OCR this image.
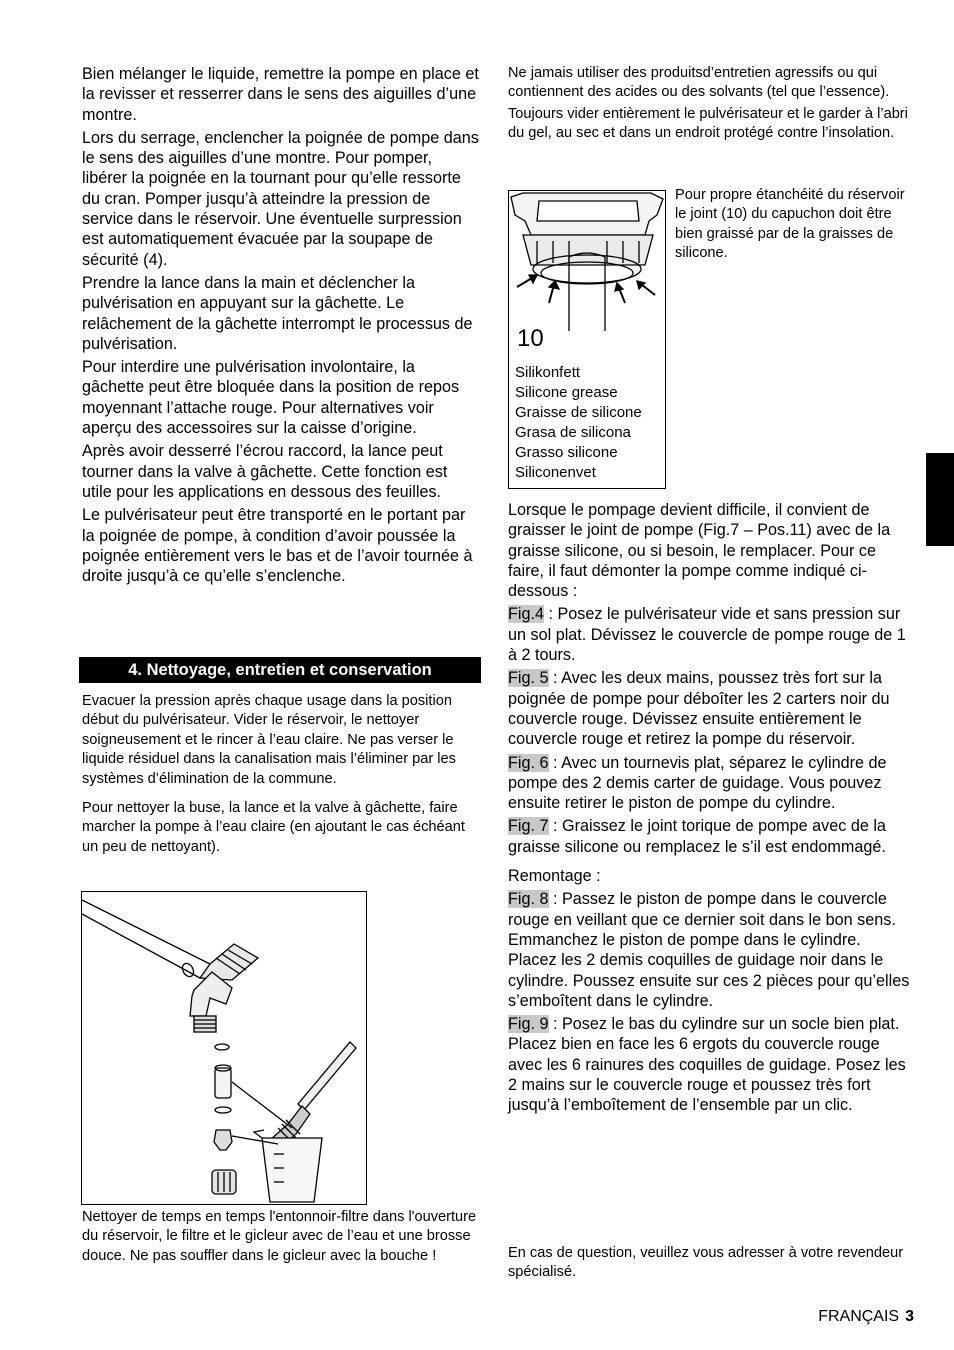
Bien mélanger le liquide, remettre la pompe en place et la revisser et resserrer dans le sens des aiguilles d’une montre.

Lors du serrage, enclencher la poignée de pompe dans le sens des aiguilles d’une montre. Pour pomper, libérer la poignée en la tournant pour qu’elle ressorte du cran. Pomper jusqu’à atteindre la pression de service dans le réservoir. Une éventuelle surpression est automatiquement évacuée par la soupape de sécurité (4).

Prendre la lance dans la main et déclencher la pulvérisation en appuyant sur la gâchette. Le relâchement de la gâchette interrompt le processus de pulvérisation.

Pour interdire une pulvérisation involontaire, la gâchette peut être bloquée dans la position de repos moyennant l’attache rouge. Pour alternatives voir aperçu des accessoires sur la caisse d’origine.

Après avoir desserré l’écrou raccord, la lance peut tourner dans la valve à gâchette. Cette fonction est utile pour les applications en dessous des feuilles.

Le pulvérisateur peut être transporté en le portant par la poignée de pompe, à condition d’avoir poussée la poignée entièrement vers le bas et de l’avoir tournée à droite jusqu’à ce qu’elle s’enclenche.

4. Nettoyage, entretien et conservation

Evacuer la pression après chaque usage dans la position début du pulvérisateur. Vider le réservoir, le nettoyer soigneusement et le rincer à l’eau claire. Ne pas verser le liquide résiduel dans la canalisation mais l’éliminer par les systèmes d’élimination de la commune.

Pour nettoyer la buse, la lance et la valve à gâchette, faire marcher la pompe à l’eau claire (en ajoutant le cas échéant un peu de nettoyant).

Nettoyer de temps en temps l'entonnoir-filtre dans l'ouverture du réservoir, le filtre et le gicleur avec de l’eau et une brosse douce. Ne pas souffler dans le gicleur avec la bouche !

Ne jamais utiliser des produitsd’entretien agressifs ou qui contiennent des acides ou des solvants (tel que l’essence).

Toujours vider entièrement le pulvérisateur et le garder à l’abri du gel, au sec et dans un endroit protégé contre l’insolation.

10
Silikonfett
Silicone grease
Graisse de silicone
Grasa de silicona
Grasso silicone
Siliconenvet

Pour propre étanchéité du réservoir le joint (10) du capuchon doit être bien graissé par de la graisses de silicone.

Lorsque le pompage devient difficile, il convient de graisser le joint de pompe (Fig.7 – Pos.11) avec de la graisse silicone, ou si besoin, le remplacer. Pour ce faire, il faut démonter la pompe comme indiqué ci-dessous :

Fig.4 : Posez le pulvérisateur vide et sans pression sur un sol plat. Dévissez le couvercle de pompe rouge de 1 à 2 tours.

Fig. 5 : Avec les deux mains, poussez très fort sur la poignée de pompe pour déboîter les 2 carters noir du couvercle rouge. Dévissez ensuite entièrement le couvercle rouge et retirez la pompe du réservoir.

Fig. 6 : Avec un tournevis plat, séparez le cylindre de pompe des 2 demis carter de guidage. Vous pouvez ensuite retirer le piston de pompe du cylindre.

Fig. 7 : Graissez le joint torique de pompe avec de la graisse silicone ou remplacez le s’il est endommagé.

Remontage :

Fig. 8 : Passez le piston de pompe dans le couvercle rouge en veillant que ce dernier soit dans le bon sens.

Emmanchez le piston de pompe dans le cylindre. Placez les 2 demis coquilles de guidage noir dans le cylindre. Poussez ensuite sur ces 2 pièces pour qu’elles s’emboîtent dans le cylindre.

Fig. 9 : Posez le bas du cylindre sur un socle bien plat. Placez bien en face les 6 ergots du couvercle rouge avec les 6 rainures des coquilles de guidage. Posez les 2 mains sur le couvercle rouge et poussez très fort jusqu’à l’emboîtement de l’ensemble par un clic.

En cas de question, veuillez vous adresser à votre revendeur spécialisé.

FRANÇAIS 3
